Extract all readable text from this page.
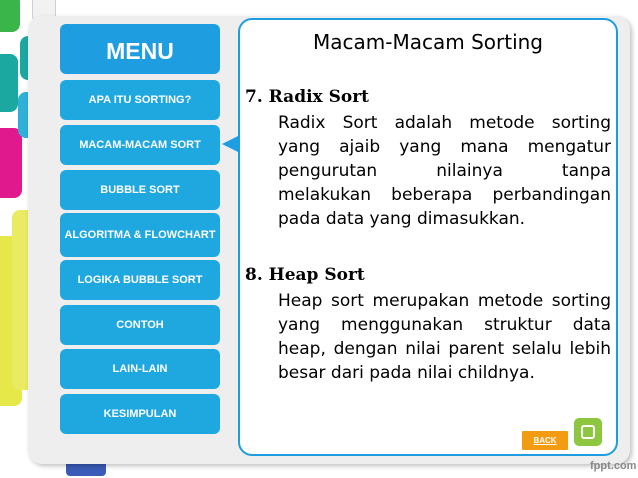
MENU
APA ITU SORTING?
MACAM-MACAM SORT
BUBBLE SORT
ALGORITMA & FLOWCHART
LOGIKA BUBBLE SORT
CONTOH
LAIN-LAIN
KESIMPULAN
Macam-Macam Sorting
7. Radix Sort
Radix Sort adalah metode sorting
yang ajaib yang mana mengatur
pengurutan nilainya tanpa
melakukan beberapa perbandingan
pada data yang dimasukkan.
8. Heap Sort
Heap sort merupakan metode sorting
yang menggunakan struktur data
heap, dengan nilai parent selalu lebih
besar dari pada nilai childnya.
BACK
fppt.com
